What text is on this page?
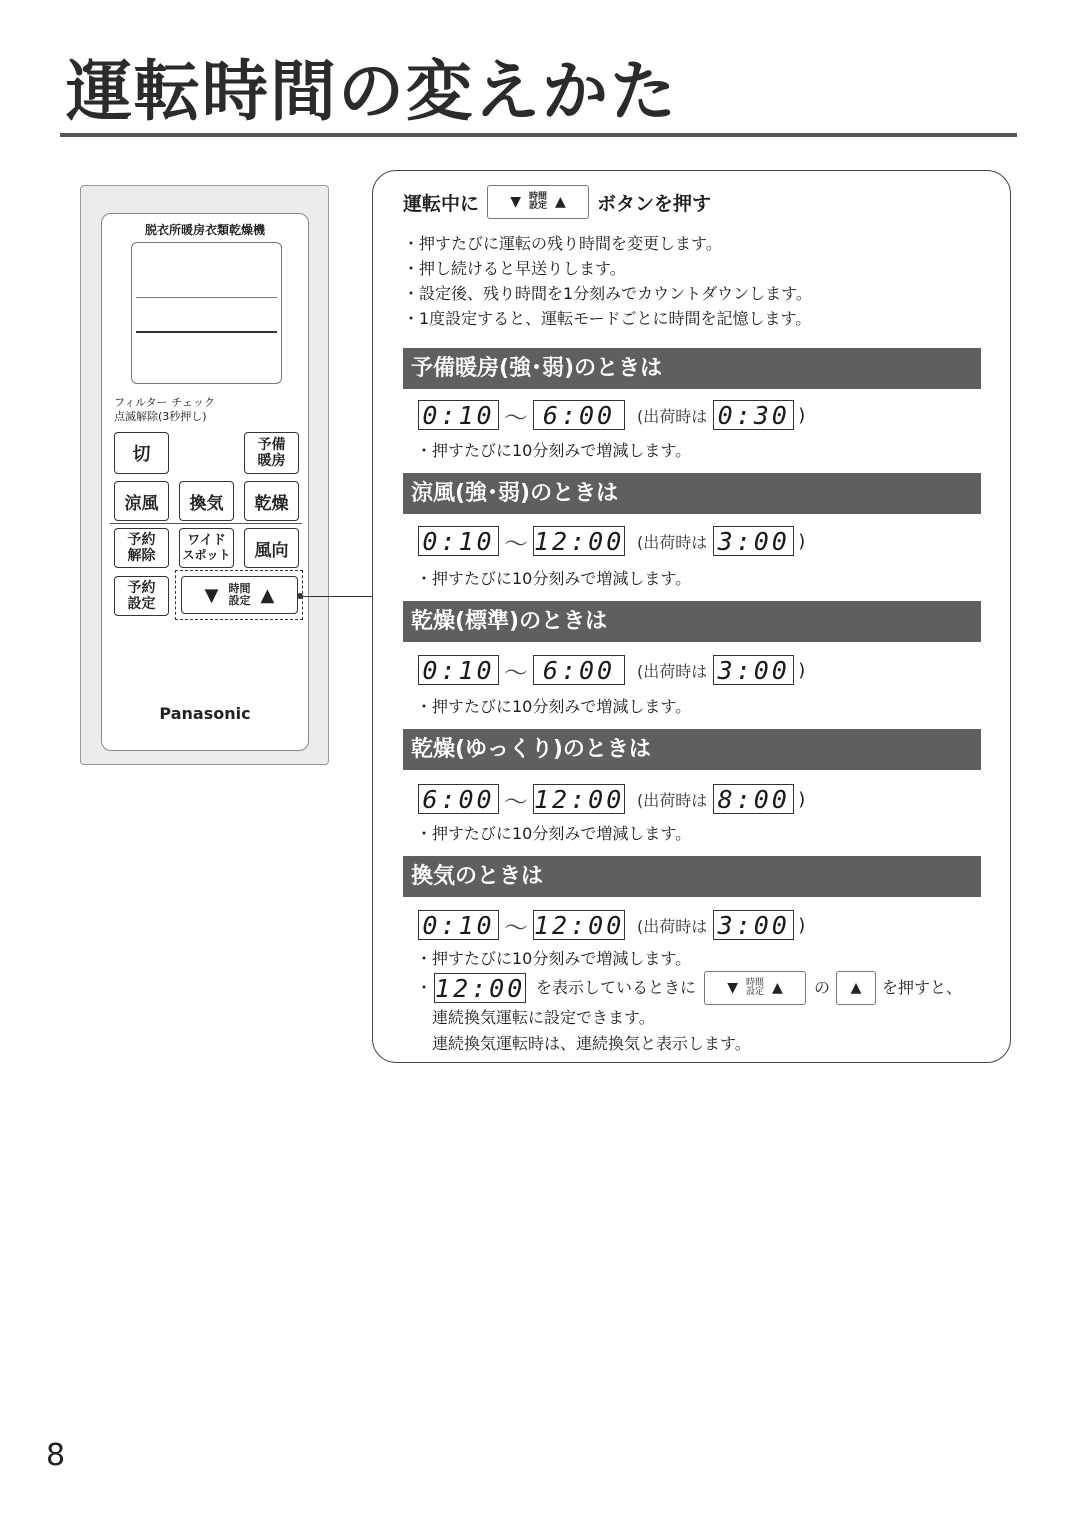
運転時間の変えかた
脱衣所暖房衣類乾燥機
フィルター チェック
点滅解除(3秒押し)
切	予備
暖房
涼風	換気	乾燥
予約
解除
ワイド
スポット	風向
予約
設定	▼ 時間
設定 ▲
Panasonic
運転中に ▼ 時間
設定 ▲ ボタンを押す
・押すたびに運転の残り時間を変更します。
・押し続けると早送りします。
・設定後、残り時間を1分刻みでカウントダウンします。
・1度設定すると、運転モードごとに時間を記憶します。
予備暖房(強･弱)のときは
0:10 〜 6:00	(出荷時は 0:30 )
・押すたびに10分刻みで増減します。
涼風(強･弱)のときは
0:10 〜 12:00 (出荷時は 3:00 )
・押すたびに10分刻みで増減します。
乾燥(標準)のときは
0:10 〜 6:00	(出荷時は 3:00 )
・押すたびに10分刻みで増減します。
乾燥(ゆっくり)のときは
6:00 〜 12:00 (出荷時は 8:00 )
・押すたびに10分刻みで増減します。
換気のときは
0:10 〜 12:00 (出荷時は 3:00 )
・押すたびに10分刻みで増減します。
・ 12:00 を表示しているときに ▼ 時間
設定 ▲ の ▲ を押すと、
連続換気運転に設定できます。
連続換気運転時は、連続換気と表示します。
8
